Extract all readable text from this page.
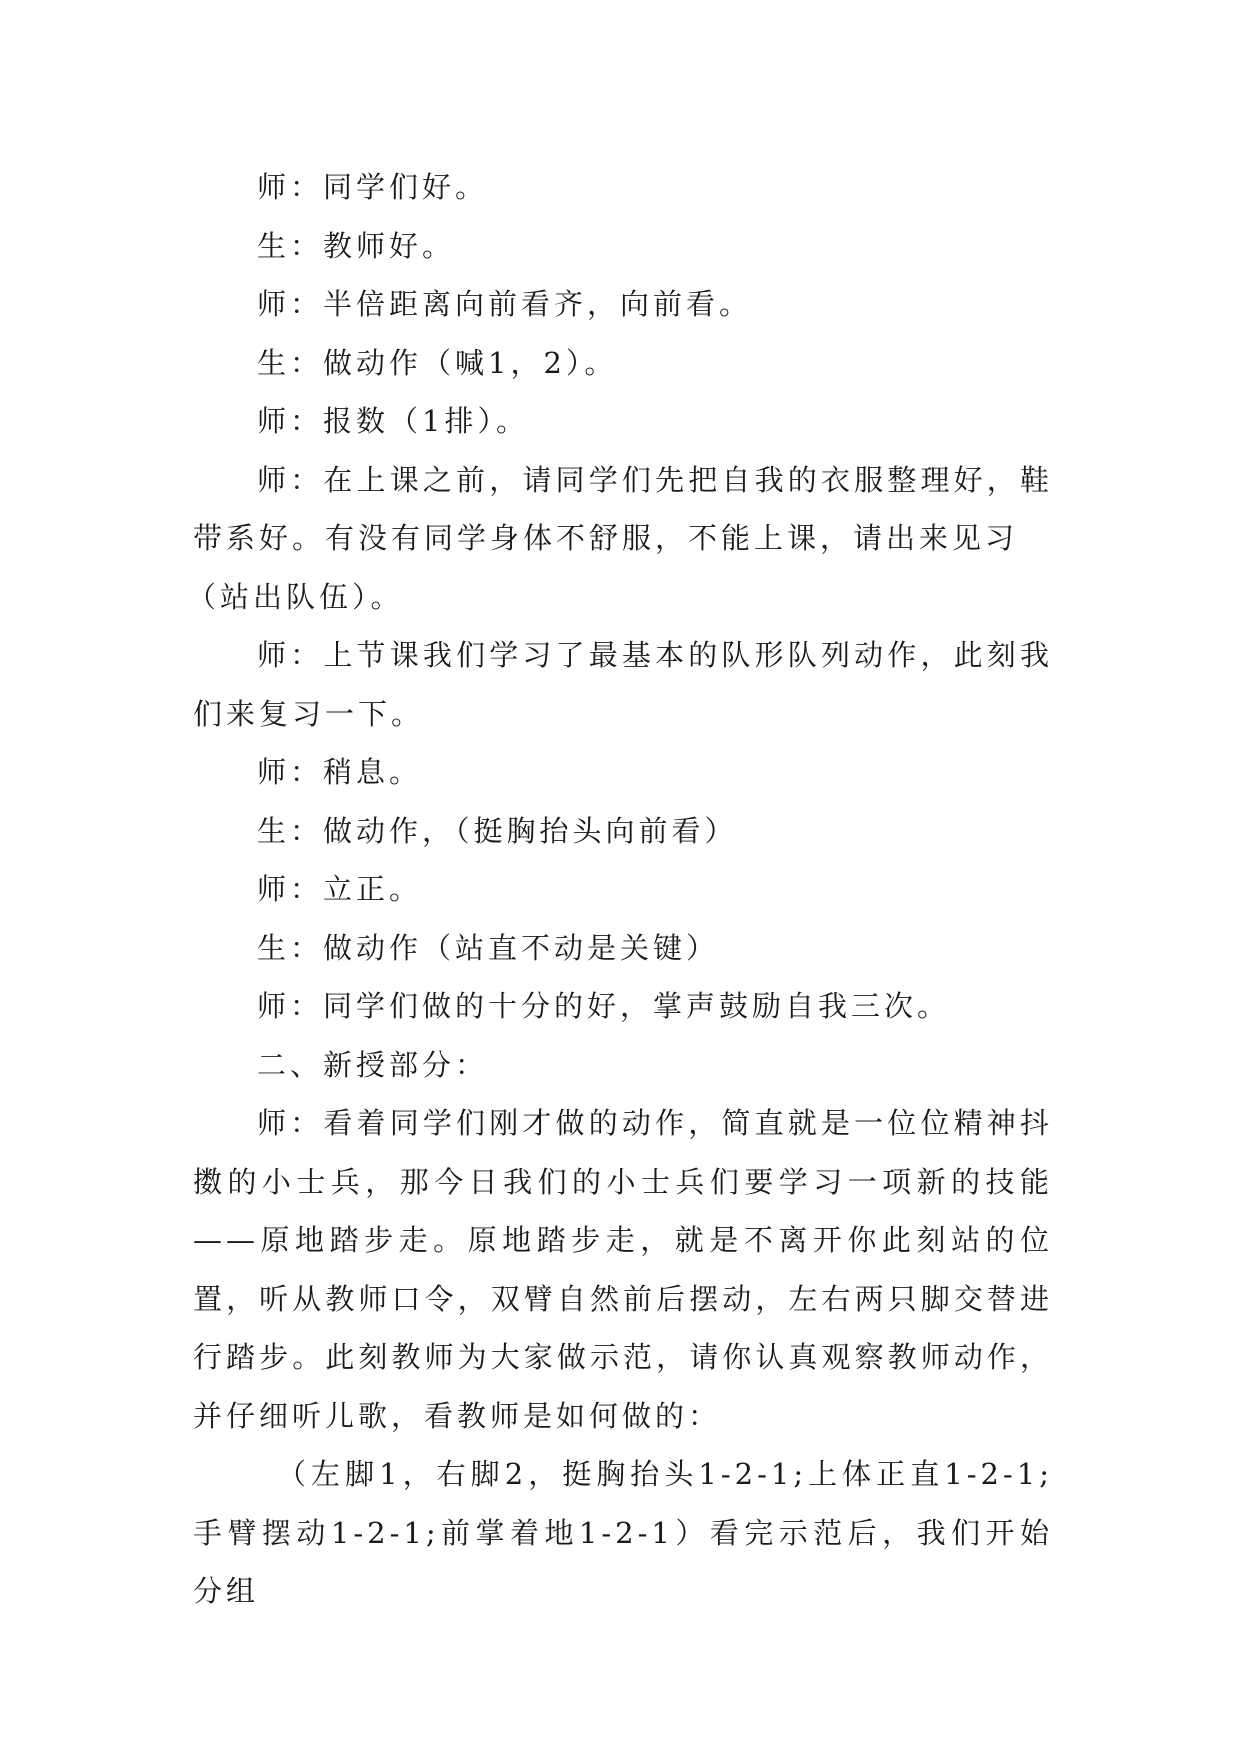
师：同学们好。

生：教师好。

师：半倍距离向前看齐，向前看。

生：做动作（喊1，2）。

师：报数（1排）。

师：在上课之前，请同学们先把自我的衣服整理好，鞋带系好。有没有同学身体不舒服，不能上课，请出来见习

（站出队伍）。

师：上节课我们学习了最基本的队形队列动作，此刻我们来复习一下。

师：稍息。

生：做动作，（挺胸抬头向前看）

师：立正。

生：做动作（站直不动是关键）

师：同学们做的十分的好，掌声鼓励自我三次。

二、新授部分：

师：看着同学们刚才做的动作，简直就是一位位精神抖擞的小士兵，那今日我们的小士兵们要学习一项新的技能——原地踏步走。原地踏步走，就是不离开你此刻站的位置，听从教师口令，双臂自然前后摆动，左右两只脚交替进行踏步。此刻教师为大家做示范，请你认真观察教师动作，并仔细听儿歌，看教师是如何做的：

（左脚1，右脚2，挺胸抬头1-2-1;上体正直1-2-1;手臂摆动1-2-1;前掌着地1-2-1）看完示范后，我们开始分组
